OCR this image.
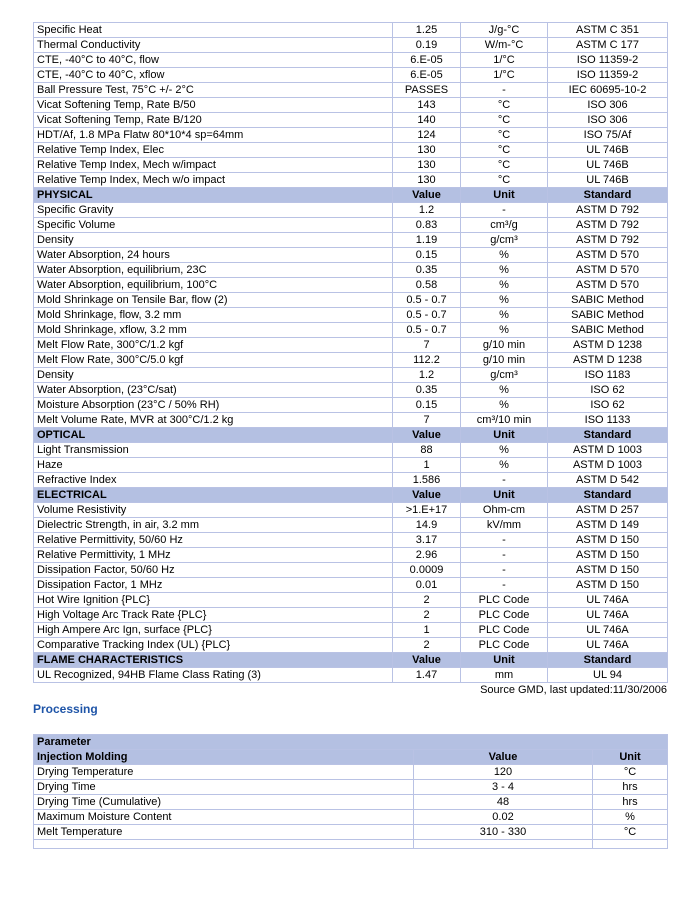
Specific Heat	1.25	J/g-°C	ASTM C 351
Thermal Conductivity	0.19	W/m-°C	ASTM C 177
CTE, -40°C to 40°C, flow	6.E-05	1/°C	ISO 11359-2
CTE, -40°C to 40°C, xflow	6.E-05	1/°C	ISO 11359-2
Ball Pressure Test, 75°C +/- 2°C	PASSES	-	IEC 60695-10-2
Vicat Softening Temp, Rate B/50	143	°C	ISO 306
Vicat Softening Temp, Rate B/120	140	°C	ISO 306
HDT/Af, 1.8 MPa Flatw 80*10*4 sp=64mm	124	°C	ISO 75/Af
Relative Temp Index, Elec	130	°C	UL 746B
Relative Temp Index, Mech w/impact	130	°C	UL 746B
Relative Temp Index, Mech w/o impact	130	°C	UL 746B
PHYSICAL	Value	Unit	Standard
Specific Gravity	1.2	-	ASTM D 792
Specific Volume	0.83	cm³/g	ASTM D 792
Density	1.19	g/cm³	ASTM D 792
Water Absorption, 24 hours	0.15	%	ASTM D 570
Water Absorption, equilibrium, 23C	0.35	%	ASTM D 570
Water Absorption, equilibrium, 100°C	0.58	%	ASTM D 570
Mold Shrinkage on Tensile Bar, flow (2)	0.5 - 0.7	%	SABIC Method
Mold Shrinkage, flow, 3.2 mm	0.5 - 0.7	%	SABIC Method
Mold Shrinkage, xflow, 3.2 mm	0.5 - 0.7	%	SABIC Method
Melt Flow Rate, 300°C/1.2 kgf	7	g/10 min	ASTM D 1238
Melt Flow Rate, 300°C/5.0 kgf	112.2	g/10 min	ASTM D 1238
Density	1.2	g/cm³	ISO 1183
Water Absorption, (23°C/sat)	0.35	%	ISO 62
Moisture Absorption (23°C / 50% RH)	0.15	%	ISO 62
Melt Volume Rate, MVR at 300°C/1.2 kg	7	cm³/10 min	ISO 1133
OPTICAL	Value	Unit	Standard
Light Transmission	88	%	ASTM D 1003
Haze	1	%	ASTM D 1003
Refractive Index	1.586	-	ASTM D 542
ELECTRICAL	Value	Unit	Standard
Volume Resistivity	>1.E+17	Ohm-cm	ASTM D 257
Dielectric Strength, in air, 3.2 mm	14.9	kV/mm	ASTM D 149
Relative Permittivity, 50/60 Hz	3.17	-	ASTM D 150
Relative Permittivity, 1 MHz	2.96	-	ASTM D 150
Dissipation Factor, 50/60 Hz	0.0009	-	ASTM D 150
Dissipation Factor, 1 MHz	0.01	-	ASTM D 150
Hot Wire Ignition {PLC}	2	PLC Code	UL 746A
High Voltage Arc Track Rate {PLC}	2	PLC Code	UL 746A
High Ampere Arc Ign, surface {PLC}	1	PLC Code	UL 746A
Comparative Tracking Index (UL) {PLC}	2	PLC Code	UL 746A
FLAME CHARACTERISTICS	Value	Unit	Standard
UL Recognized, 94HB Flame Class Rating (3)	1.47	mm	UL 94
Source GMD, last updated:11/30/2006
Processing
Parameter		
Injection Molding	Value	Unit
Drying Temperature	120	°C
Drying Time	3 - 4	hrs
Drying Time (Cumulative)	48	hrs
Maximum Moisture Content	0.02	%
Melt Temperature	310 - 330	°C
